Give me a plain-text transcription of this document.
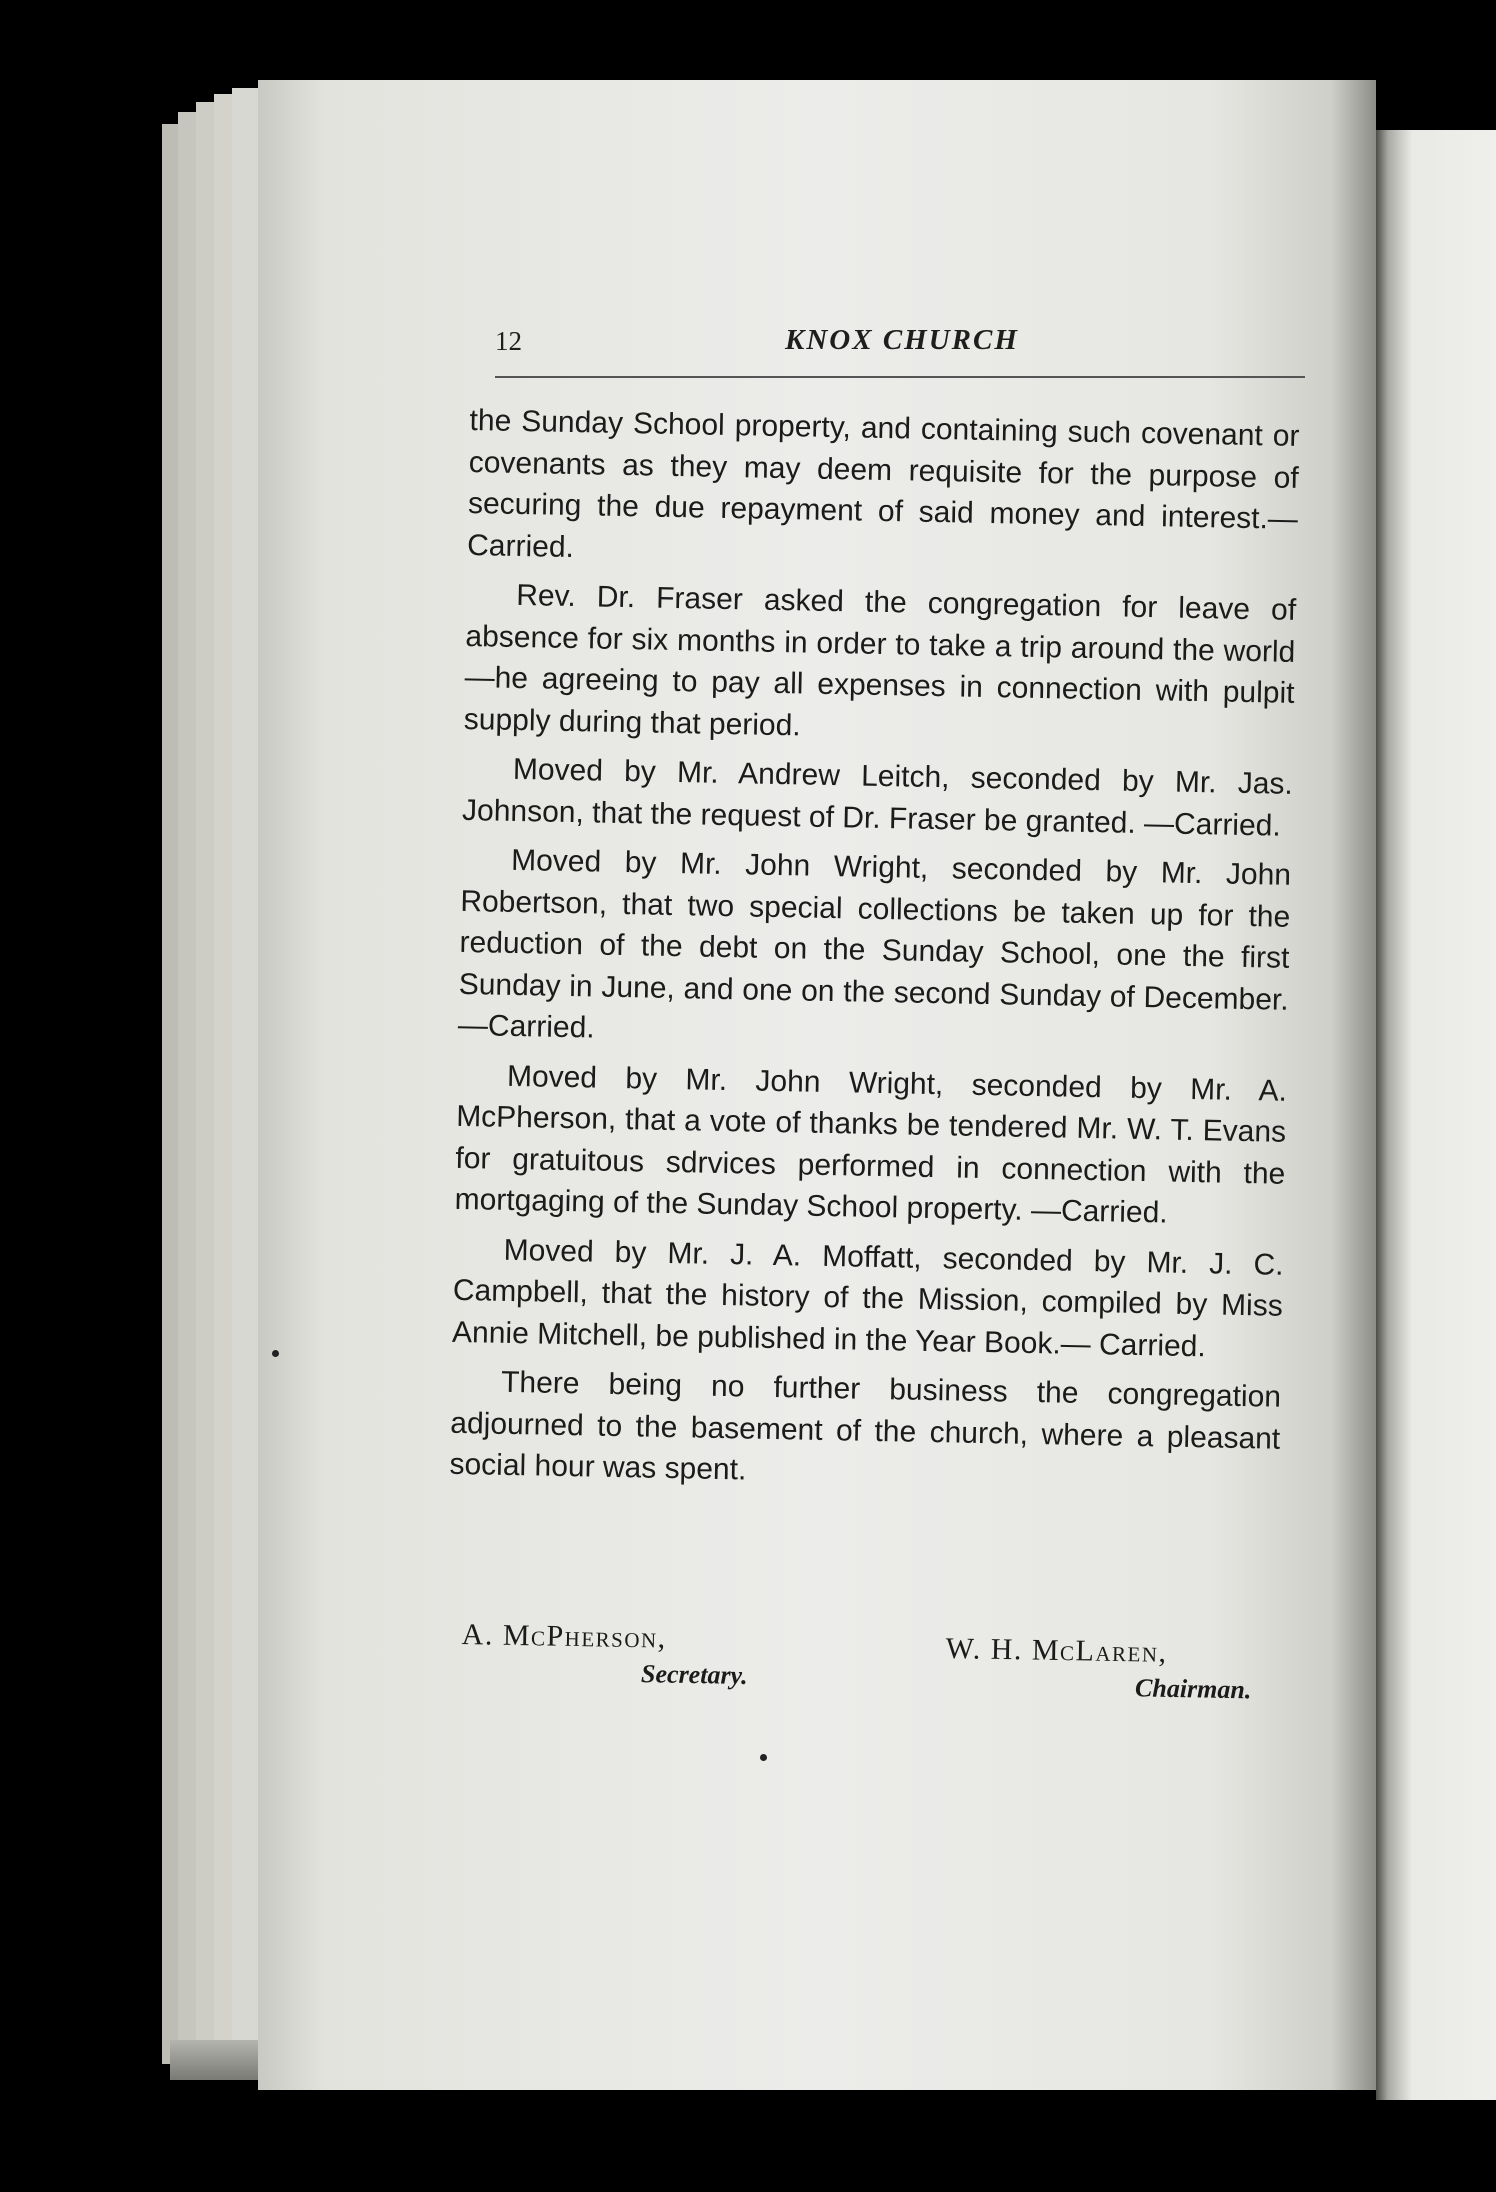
12	KNOX CHURCH

the Sunday School property, and containing such covenant or covenants as they may deem requisite for the purpose of securing the due repayment of said money and interest.—Carried.

Rev. Dr. Fraser asked the congregation for leave of absence for six months in order to take a trip around the world—he agreeing to pay all expenses in connection with pulpit supply during that period.

Moved by Mr. Andrew Leitch, seconded by Mr. Jas. Johnson, that the request of Dr. Fraser be granted. —Carried.

Moved by Mr. John Wright, seconded by Mr. John Robertson, that two special collections be taken up for the reduction of the debt on the Sunday School, one the first Sunday in June, and one on the second Sunday of December.—Carried.

Moved by Mr. John Wright, seconded by Mr. A. McPherson, that a vote of thanks be tendered Mr. W. T. Evans for gratuitous sdrvices performed in connection with the mortgaging of the Sunday School property. —Carried.

Moved by Mr. J. A. Moffatt, seconded by Mr. J. C. Campbell, that the history of the Mission, compiled by Miss Annie Mitchell, be published in the Year Book.— Carried.

There being no further business the congregation adjourned to the basement of the church, where a pleasant social hour was spent.

A. McPherson,
Secretary.
W. H. McLaren,
Chairman.
